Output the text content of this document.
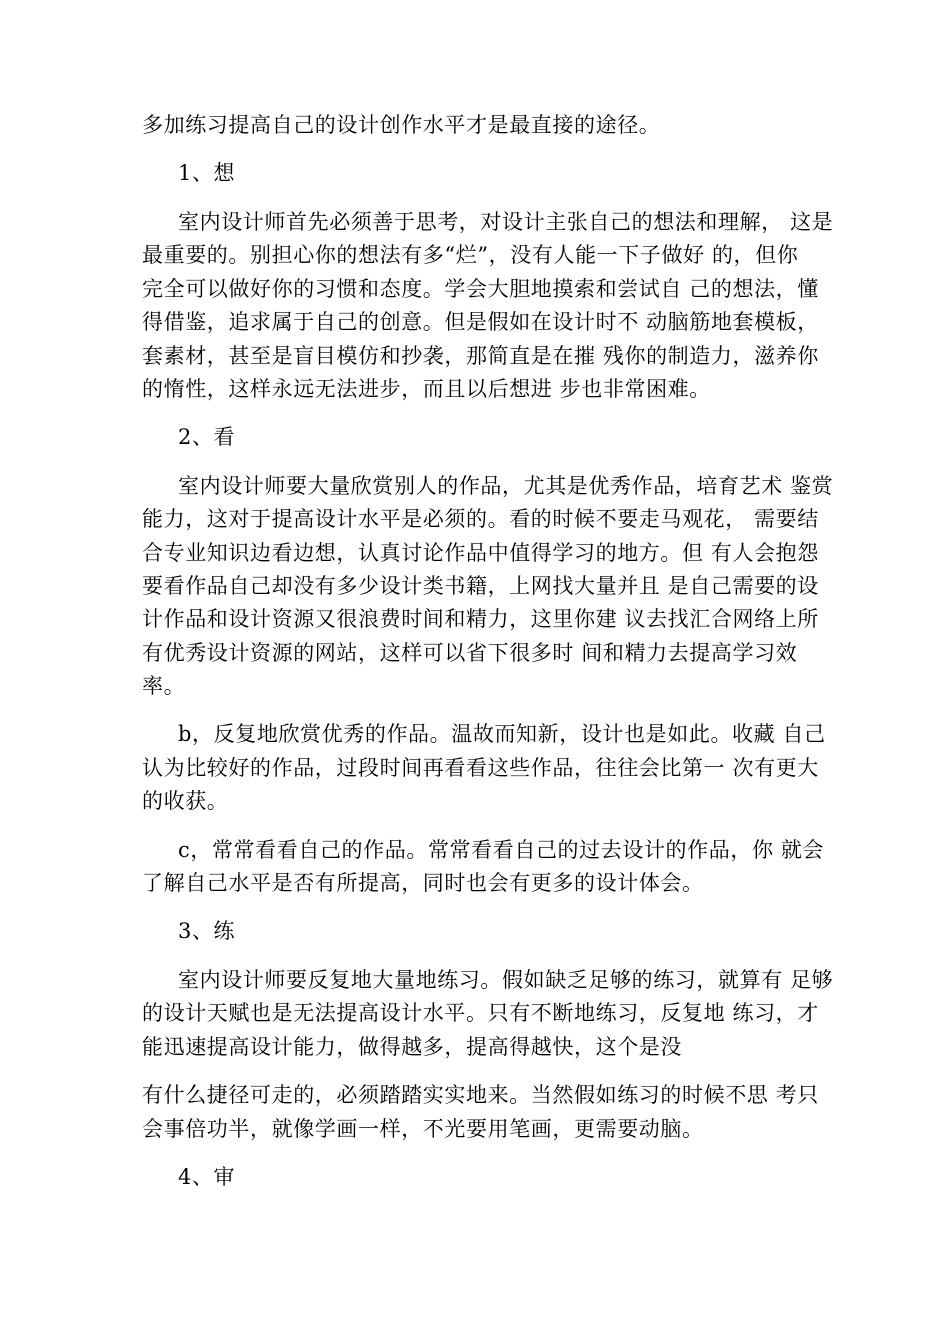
多加练习提高自己的设计创作水平才是最直接的途径。
1、想
室内设计师首先必须善于思考，对设计主张自己的想法和理解， 这是
最重要的。别担心你的想法有多“烂”，没有人能一下子做好 的，但你
完全可以做好你的习惯和态度。学会大胆地摸索和尝试自 己的想法，懂
得借鉴，追求属于自己的创意。但是假如在设计时不 动脑筋地套模板，
套素材，甚至是盲目模仿和抄袭，那简直是在摧 残你的制造力，滋养你
的惰性，这样永远无法进步，而且以后想进 步也非常困难。
2、看
室内设计师要大量欣赏别人的作品，尤其是优秀作品，培育艺术 鉴赏
能力，这对于提高设计水平是必须的。看的时候不要走马观花， 需要结
合专业知识边看边想，认真讨论作品中值得学习的地方。但 有人会抱怨
要看作品自己却没有多少设计类书籍，上网找大量并且 是自己需要的设
计作品和设计资源又很浪费时间和精力，这里你建 议去找汇合网络上所
有优秀设计资源的网站，这样可以省下很多时 间和精力去提高学习效
率。
b，反复地欣赏优秀的作品。温故而知新，设计也是如此。收藏 自己
认为比较好的作品，过段时间再看看这些作品，往往会比第一 次有更大
的收获。
c，常常看看自己的作品。常常看看自己的过去设计的作品，你 就会
了解自己水平是否有所提高，同时也会有更多的设计体会。
3、练
室内设计师要反复地大量地练习。假如缺乏足够的练习，就算有 足够
的设计天赋也是无法提高设计水平。只有不断地练习，反复地 练习，才
能迅速提高设计能力，做得越多，提高得越快，这个是没
有什么捷径可走的，必须踏踏实实地来。当然假如练习的时候不思 考只
会事倍功半，就像学画一样，不光要用笔画，更需要动脑。
4、审
